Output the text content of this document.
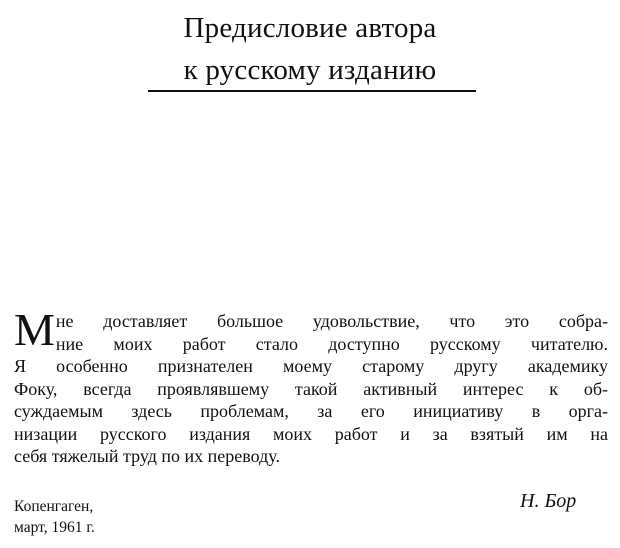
Предисловие автора
к русскому изданию
М не доставляет большое удовольствие, что это собра-
ние моих работ стало доступно русскому читателю.
Я особенно признателен моему старому другу академику
Фоку, всегда проявлявшему такой активный интерес к об-
суждаемым здесь проблемам, за его инициативу в орга-
низации русского издания моих работ и за взятый им на
себя тяжелый труд по их переводу.
Копенгаген,
март, 1961 г.
Н. Бор
